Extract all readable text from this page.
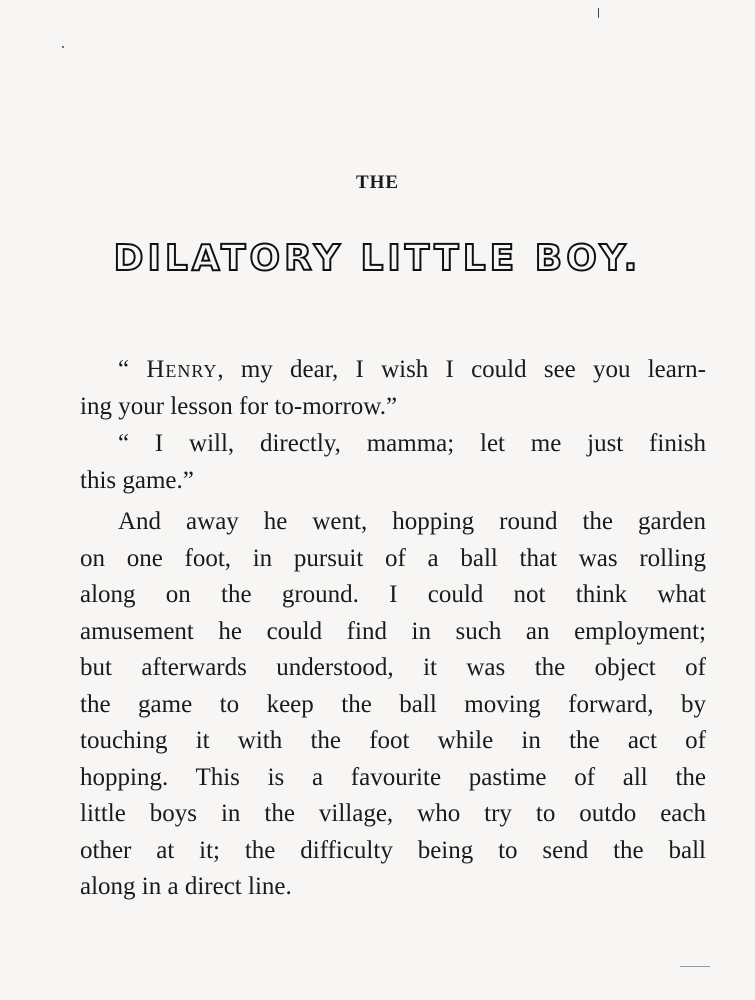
THE
DILATORY LITTLE BOY.

“ Henry, my dear, I wish I could see you learn-
ing your lesson for to-morrow.”

“ I will, directly, mamma; let me just finish
this game.”

And away he went, hopping round the garden
on one foot, in pursuit of a ball that was rolling
along on the ground. I could not think what
amusement he could find in such an employment;
but afterwards understood, it was the object of
the game to keep the ball moving forward, by
touching it with the foot while in the act of
hopping. This is a favourite pastime of all the
little boys in the village, who try to outdo each
other at it; the difficulty being to send the ball
along in a direct line.
